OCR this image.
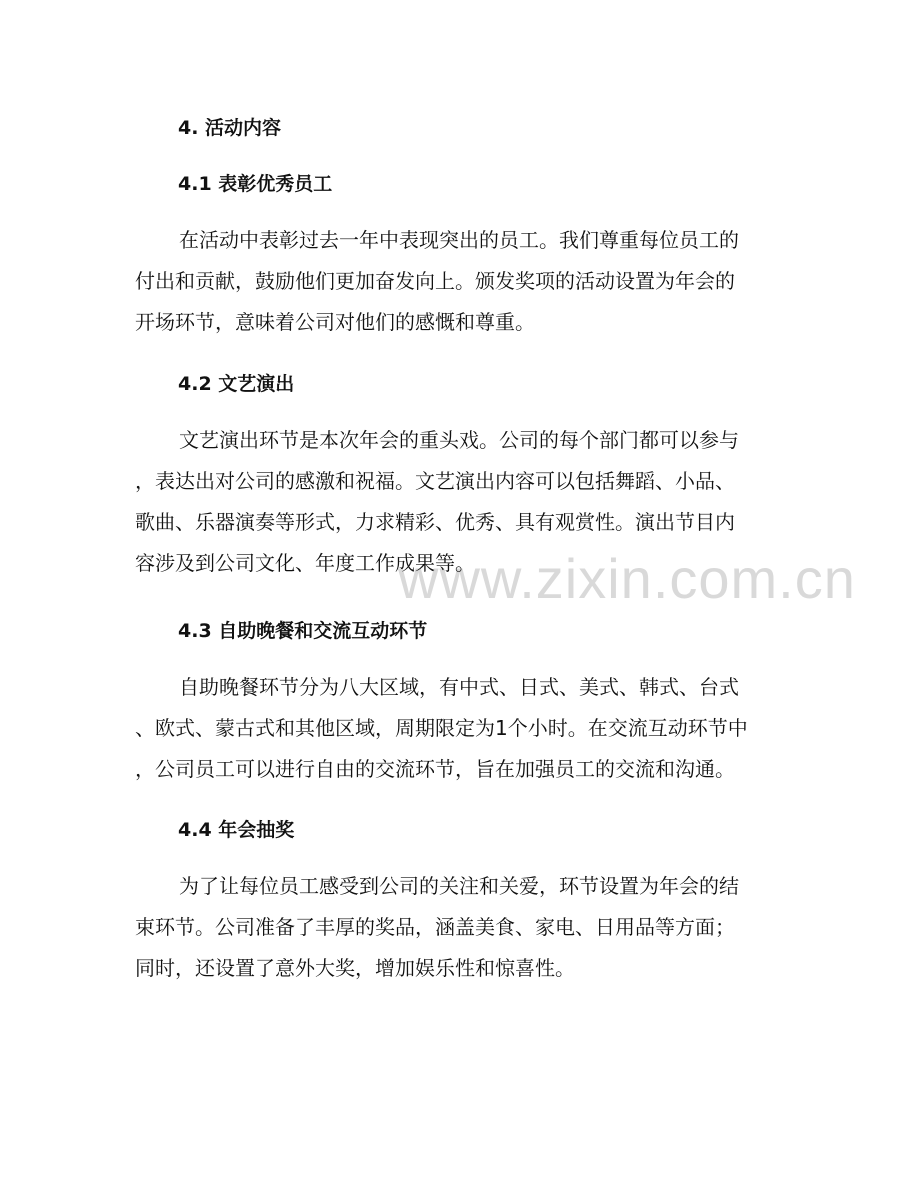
www.zixin.com.cn
4. 活动内容
4.1 表彰优秀员工
在活动中表彰过去一年中表现突出的员工。我们尊重每位员工的
付出和贡献，鼓励他们更加奋发向上。颁发奖项的活动设置为年会的
开场环节，意味着公司对他们的感慨和尊重。
4.2 文艺演出
文艺演出环节是本次年会的重头戏。公司的每个部门都可以参与
，表达出对公司的感激和祝福。文艺演出内容可以包括舞蹈、小品、
歌曲、乐器演奏等形式，力求精彩、优秀、具有观赏性。演出节目内
容涉及到公司文化、年度工作成果等。
4.3 自助晚餐和交流互动环节
自助晚餐环节分为八大区域，有中式、日式、美式、韩式、台式
、欧式、蒙古式和其他区域，周期限定为1个小时。在交流互动环节中
，公司员工可以进行自由的交流环节，旨在加强员工的交流和沟通。
4.4 年会抽奖
为了让每位员工感受到公司的关注和关爱，环节设置为年会的结
束环节。公司准备了丰厚的奖品，涵盖美食、家电、日用品等方面；
同时，还设置了意外大奖，增加娱乐性和惊喜性。
